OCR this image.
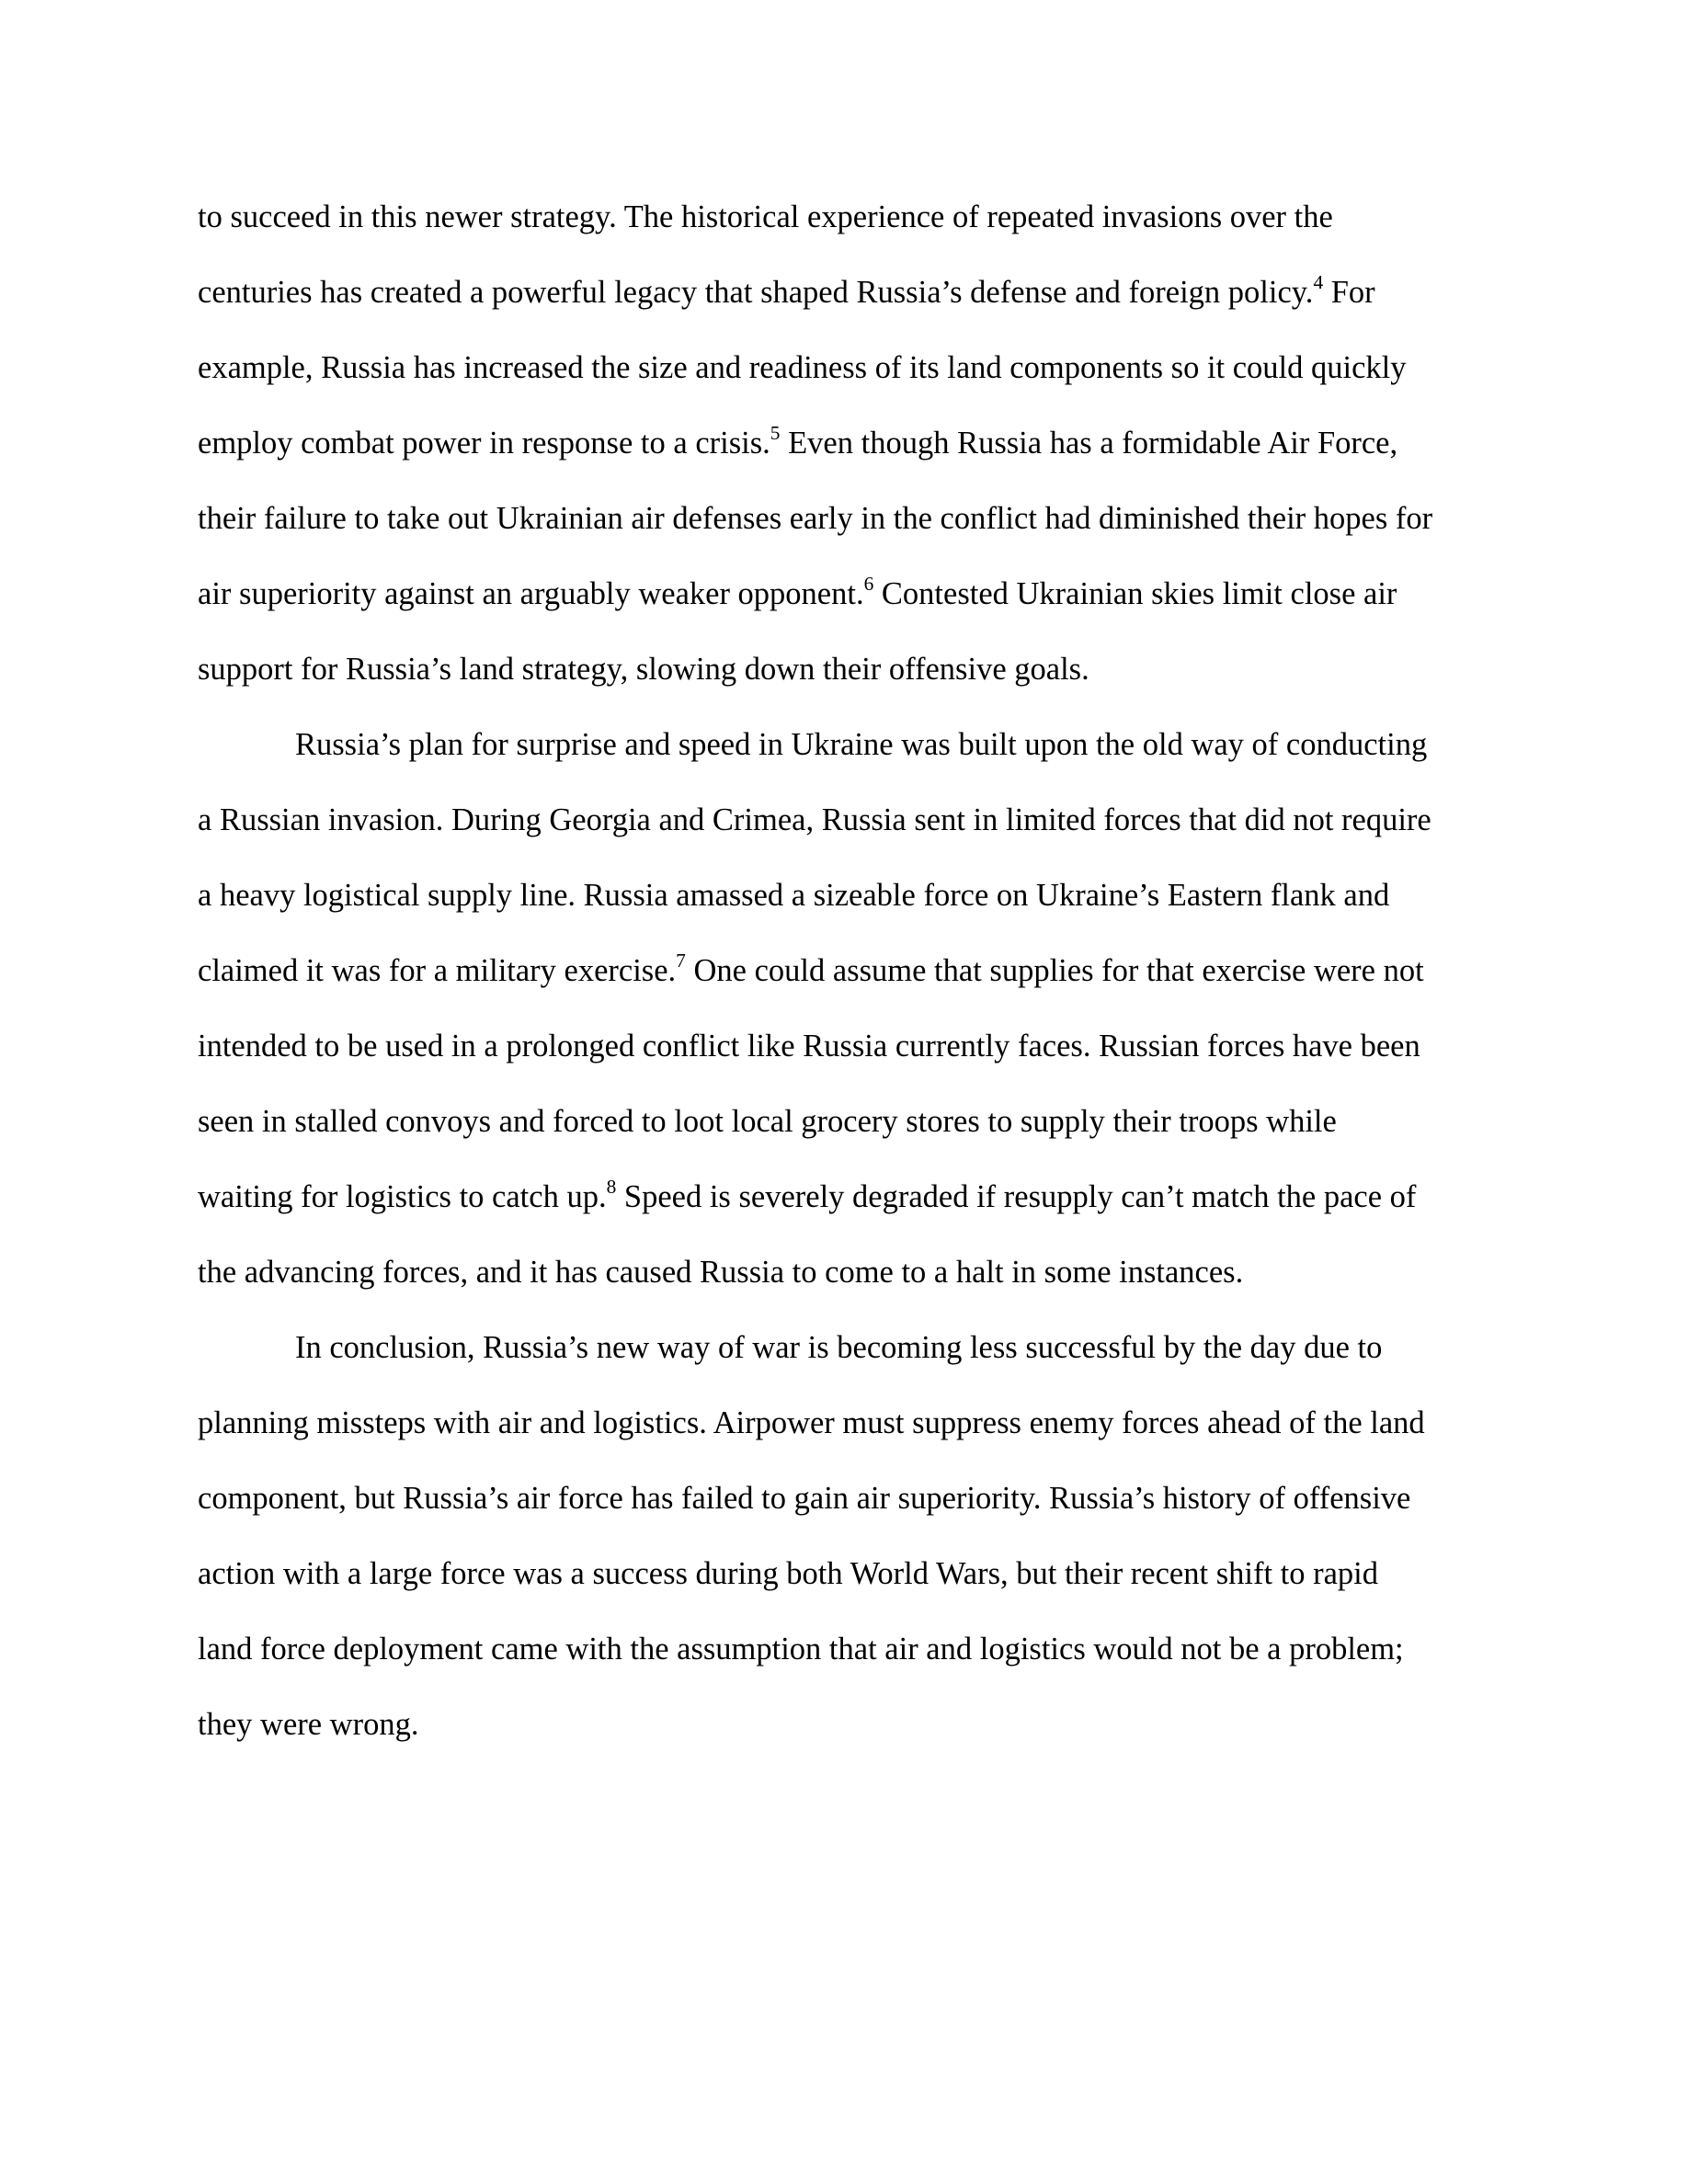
to succeed in this newer strategy. The historical experience of repeated invasions over the
centuries has created a powerful legacy that shaped Russia’s defense and foreign policy.$^4$ For
example, Russia has increased the size and readiness of its land components so it could quickly
employ combat power in response to a crisis.$^5$ Even though Russia has a formidable Air Force,
their failure to take out Ukrainian air defenses early in the conflict had diminished their hopes for
air superiority against an arguably weaker opponent.$^6$ Contested Ukrainian skies limit close air
support for Russia’s land strategy, slowing down their offensive goals.
Russia’s plan for surprise and speed in Ukraine was built upon the old way of conducting
a Russian invasion. During Georgia and Crimea, Russia sent in limited forces that did not require
a heavy logistical supply line. Russia amassed a sizeable force on Ukraine’s Eastern flank and
claimed it was for a military exercise.$^7$ One could assume that supplies for that exercise were not
intended to be used in a prolonged conflict like Russia currently faces. Russian forces have been
seen in stalled convoys and forced to loot local grocery stores to supply their troops while
waiting for logistics to catch up.$^8$ Speed is severely degraded if resupply can’t match the pace of
the advancing forces, and it has caused Russia to come to a halt in some instances.
In conclusion, Russia’s new way of war is becoming less successful by the day due to
planning missteps with air and logistics. Airpower must suppress enemy forces ahead of the land
component, but Russia’s air force has failed to gain air superiority. Russia’s history of offensive
action with a large force was a success during both World Wars, but their recent shift to rapid
land force deployment came with the assumption that air and logistics would not be a problem;
they were wrong.
